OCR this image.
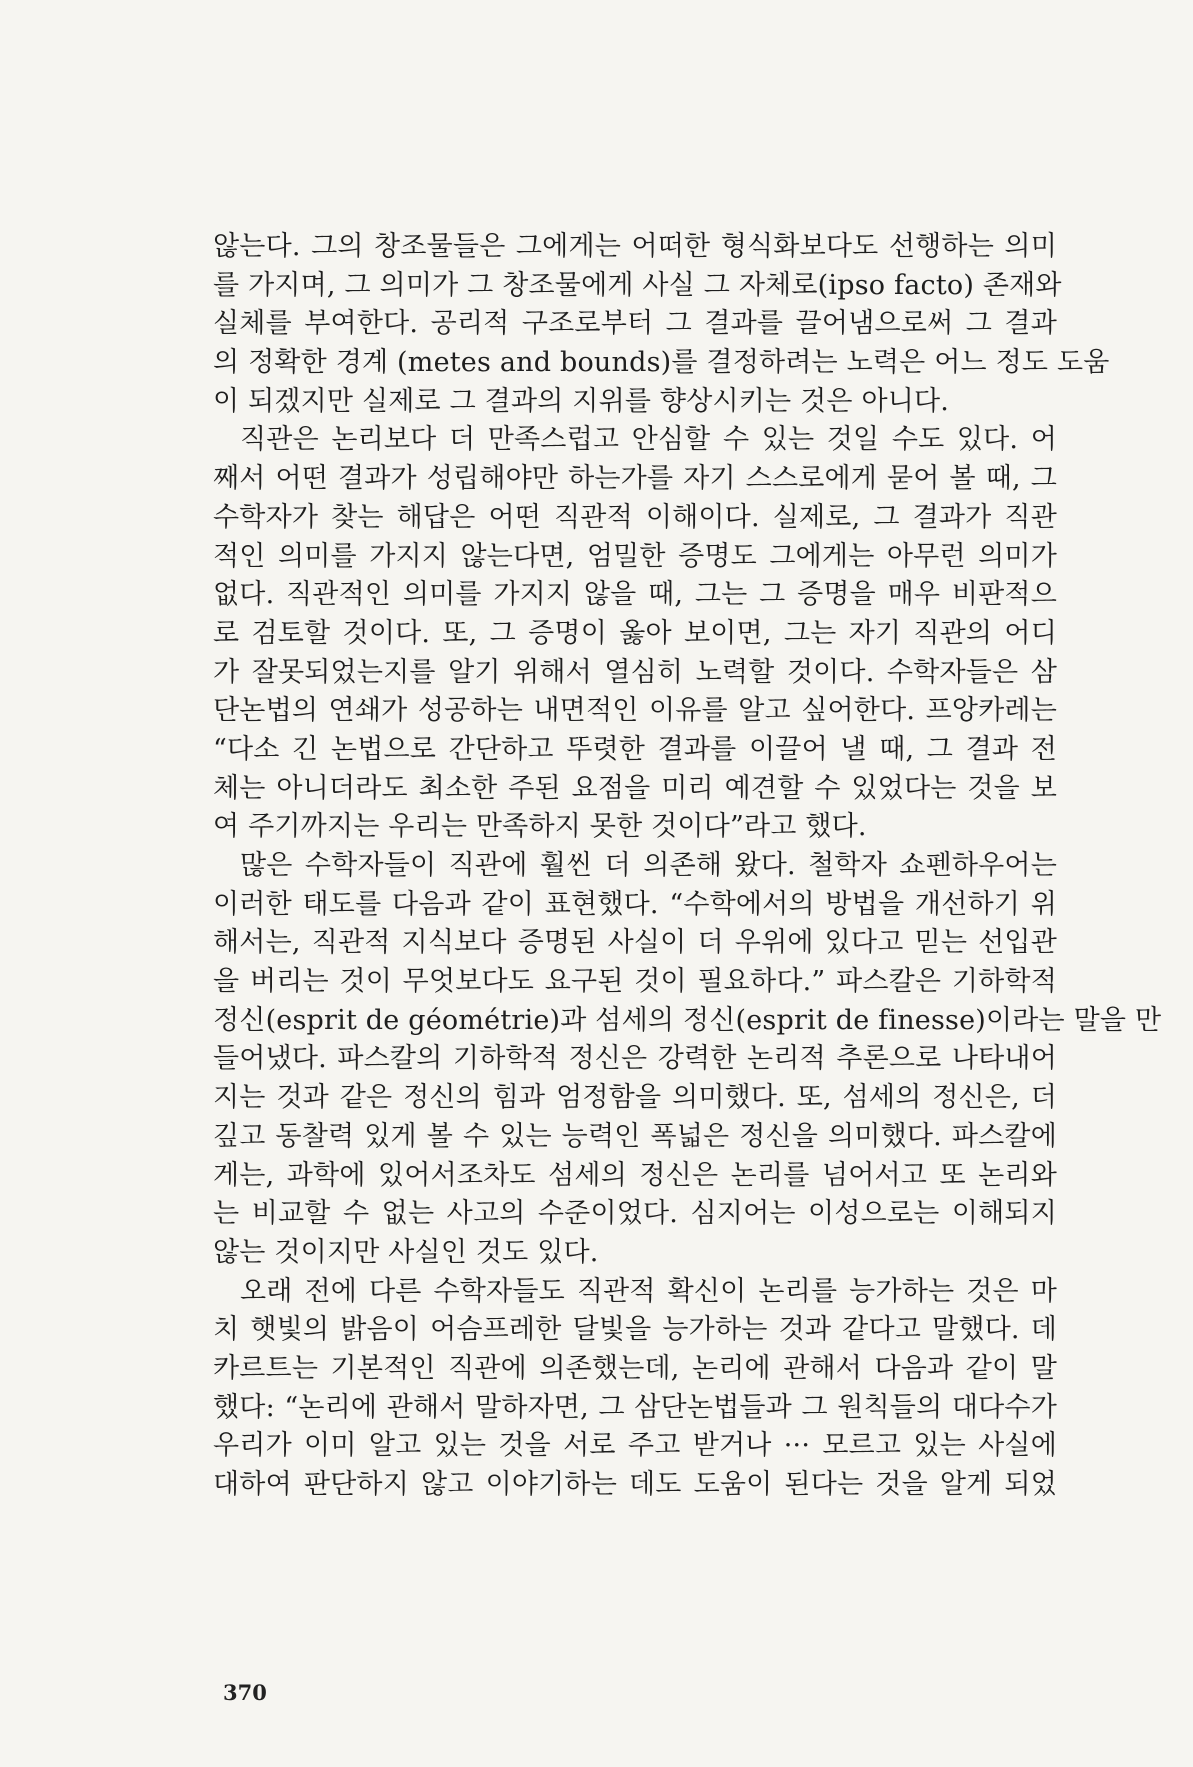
않는다. 그의 창조물들은 그에게는 어떠한 형식화보다도 선행하는 의미
를 가지며, 그 의미가 그 창조물에게 사실 그 자체로(ipso facto) 존재와
실체를 부여한다. 공리적 구조로부터 그 결과를 끌어냄으로써 그 결과
의 정확한 경계 (metes and bounds)를 결정하려는 노력은 어느 정도 도움
이 되겠지만 실제로 그 결과의 지위를 향상시키는 것은 아니다.
직관은 논리보다 더 만족스럽고 안심할 수 있는 것일 수도 있다. 어
째서 어떤 결과가 성립해야만 하는가를 자기 스스로에게 묻어 볼 때, 그
수학자가 찾는 해답은 어떤 직관적 이해이다. 실제로, 그 결과가 직관
적인 의미를 가지지 않는다면, 엄밀한 증명도 그에게는 아무런 의미가
없다. 직관적인 의미를 가지지 않을 때, 그는 그 증명을 매우 비판적으
로 검토할 것이다. 또, 그 증명이 옳아 보이면, 그는 자기 직관의 어디
가 잘못되었는지를 알기 위해서 열심히 노력할 것이다. 수학자들은 삼
단논법의 연쇄가 성공하는 내면적인 이유를 알고 싶어한다. 프앙카레는
“다소 긴 논법으로 간단하고 뚜렷한 결과를 이끌어 낼 때, 그 결과 전
체는 아니더라도 최소한 주된 요점을 미리 예견할 수 있었다는 것을 보
여 주기까지는 우리는 만족하지 못한 것이다”라고 했다.
많은 수학자들이 직관에 훨씬 더 의존해 왔다. 철학자 쇼펜하우어는
이러한 태도를 다음과 같이 표현했다. “수학에서의 방법을 개선하기 위
해서는, 직관적 지식보다 증명된 사실이 더 우위에 있다고 믿는 선입관
을 버리는 것이 무엇보다도 요구된 것이 필요하다.” 파스칼은 기하학적
정신(esprit de géométrie)과 섬세의 정신(esprit de finesse)이라는 말을 만
들어냈다. 파스칼의 기하학적 정신은 강력한 논리적 추론으로 나타내어
지는 것과 같은 정신의 힘과 엄정함을 의미했다. 또, 섬세의 정신은, 더
깊고 동찰력 있게 볼 수 있는 능력인 폭넓은 정신을 의미했다. 파스칼에
게는, 과학에 있어서조차도 섬세의 정신은 논리를 넘어서고 또 논리와
는 비교할 수 없는 사고의 수준이었다. 심지어는 이성으로는 이해되지
않는 것이지만 사실인 것도 있다.
오래 전에 다른 수학자들도 직관적 확신이 논리를 능가하는 것은 마
치 햇빛의 밝음이 어슴프레한 달빛을 능가하는 것과 같다고 말했다. 데
카르트는 기본적인 직관에 의존했는데, 논리에 관해서 다음과 같이 말
했다: “논리에 관해서 말하자면, 그 삼단논법들과 그 원칙들의 대다수가
우리가 이미 알고 있는 것을 서로 주고 받거나 ··· 모르고 있는 사실에
대하여 판단하지 않고 이야기하는 데도 도움이 된다는 것을 알게 되었
370
